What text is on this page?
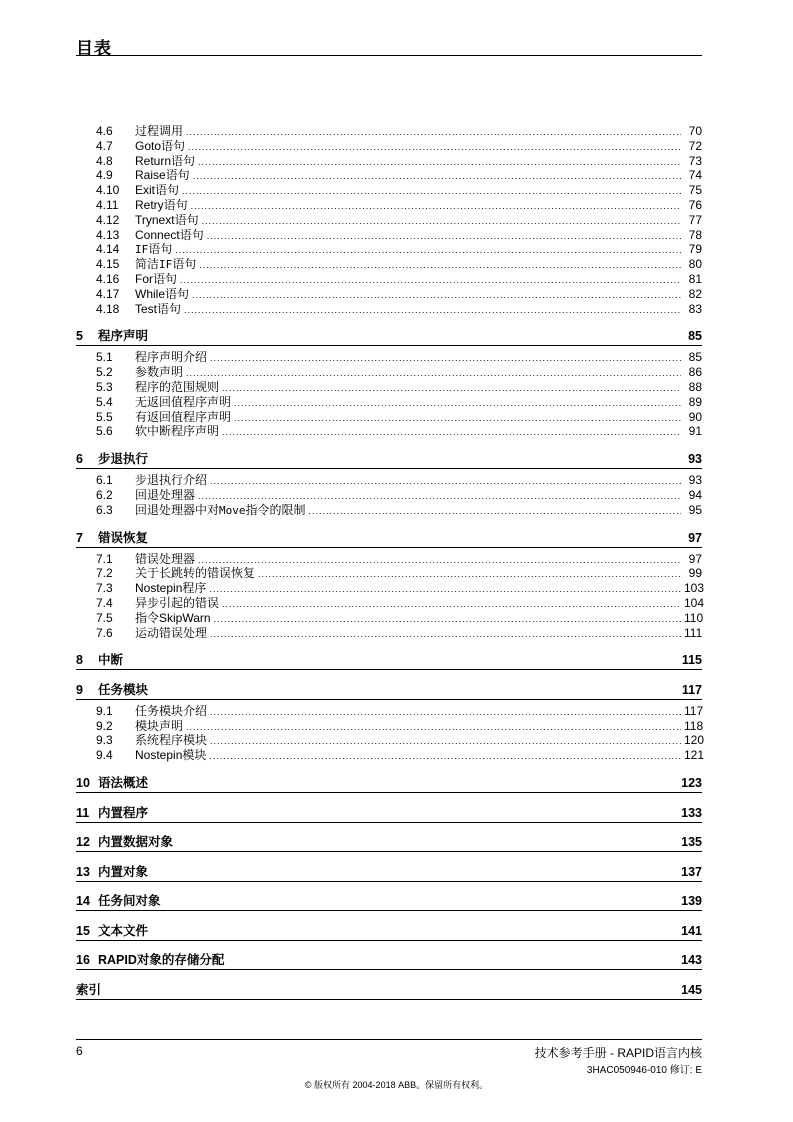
目表
4.6	过程调用 .....	70
4.7	Goto语句 .....	72
4.8	Return语句 .....	73
4.9	Raise语句 .....	74
4.10	Exit语句 .....	75
4.11	Retry语句 .....	76
4.12	Trynext语句 .....	77
4.13	Connect语句 .....	78
4.14	IF语句 .....	79
4.15	简洁IF语句 .....	80
4.16	For语句 .....	81
4.17	While语句 .....	82
4.18	Test语句 .....	83
5	程序声明	85
5.1	程序声明介绍 .....	85
5.2	参数声明 .....	86
5.3	程序的范围规则 .....	88
5.4	无返回值程序声明 .....	89
5.5	有返回值程序声明 .....	90
5.6	软中断程序声明 .....	91
6	步退执行	93
6.1	步退执行介绍 .....	93
6.2	回退处理器 .....	94
6.3	回退处理器中对Move指令的限制 .....	95
7	错误恢复	97
7.1	错误处理器 .....	97
7.2	关于长跳转的错误恢复 .....	99
7.3	Nostepin程序 .....	103
7.4	异步引起的错误 .....	104
7.5	指令SkipWarn .....	110
7.6	运动错误处理 .....	111
8	中断	115
9	任务模块	117
9.1	任务模块介绍 .....	117
9.2	模块声明 .....	118
9.3	系统程序模块 .....	120
9.4	Nostepin模块 .....	121
10 语法概述	123
11 内置程序	133
12 内置数据对象	135
13 内置对象	137
14 任务间对象	139
15 文本文件	141
16 RAPID对象的存储分配	143
索引	145
6	技术参考手册 - RAPID语言内核
3HAC050946-010 修订: E
© 版权所有 2004-2018 ABB。保留所有权利。
